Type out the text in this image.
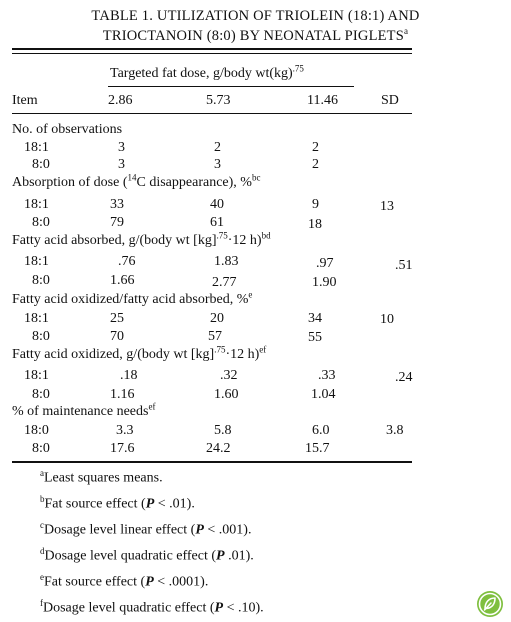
TABLE 1. UTILIZATION OF TRIOLEIN (18:1) AND
TRIOCTANOIN (8:0) BY NEONATAL PIGLETS$^a$
Targeted fat dose, g/body wt(kg)$^{.75}$
Item	2.86	5.73	11.46	SD
No. of observations
18:1	3	2	2
8:0	3	3	2
Absorption of dose ($^{14}$C disappearance), %$^{bc}$
18:1	33	40	9	13
8:0	79	61	18
Fatty acid absorbed, g/(body wt [kg]$^{.75}$·12 h)$^{bd}$
18:1	.76	1.83	.97	.51
8:0	1.66	2.77	1.90
Fatty acid oxidized/fatty acid absorbed, %$^e$
18:1	25	20	34	10
8:0	70	57	55
Fatty acid oxidized, g/(body wt [kg]$^{.75}$·12 h)$^{ef}$
18:1	.18	.32	.33	.24
8:0	1.16	1.60	1.04
% of maintenance needs$^{ef}$
18:0	3.3	5.8	6.0	3.8
8:0	17.6	24.2	15.7
$^a$Least squares means.
$^b$Fat source effect (P < .01).
$^c$Dosage level linear effect (P < .001).
$^d$Dosage level quadratic effect (P .01).
$^e$Fat source effect (P < .0001).
$^f$Dosage level quadratic effect (P < .10).
